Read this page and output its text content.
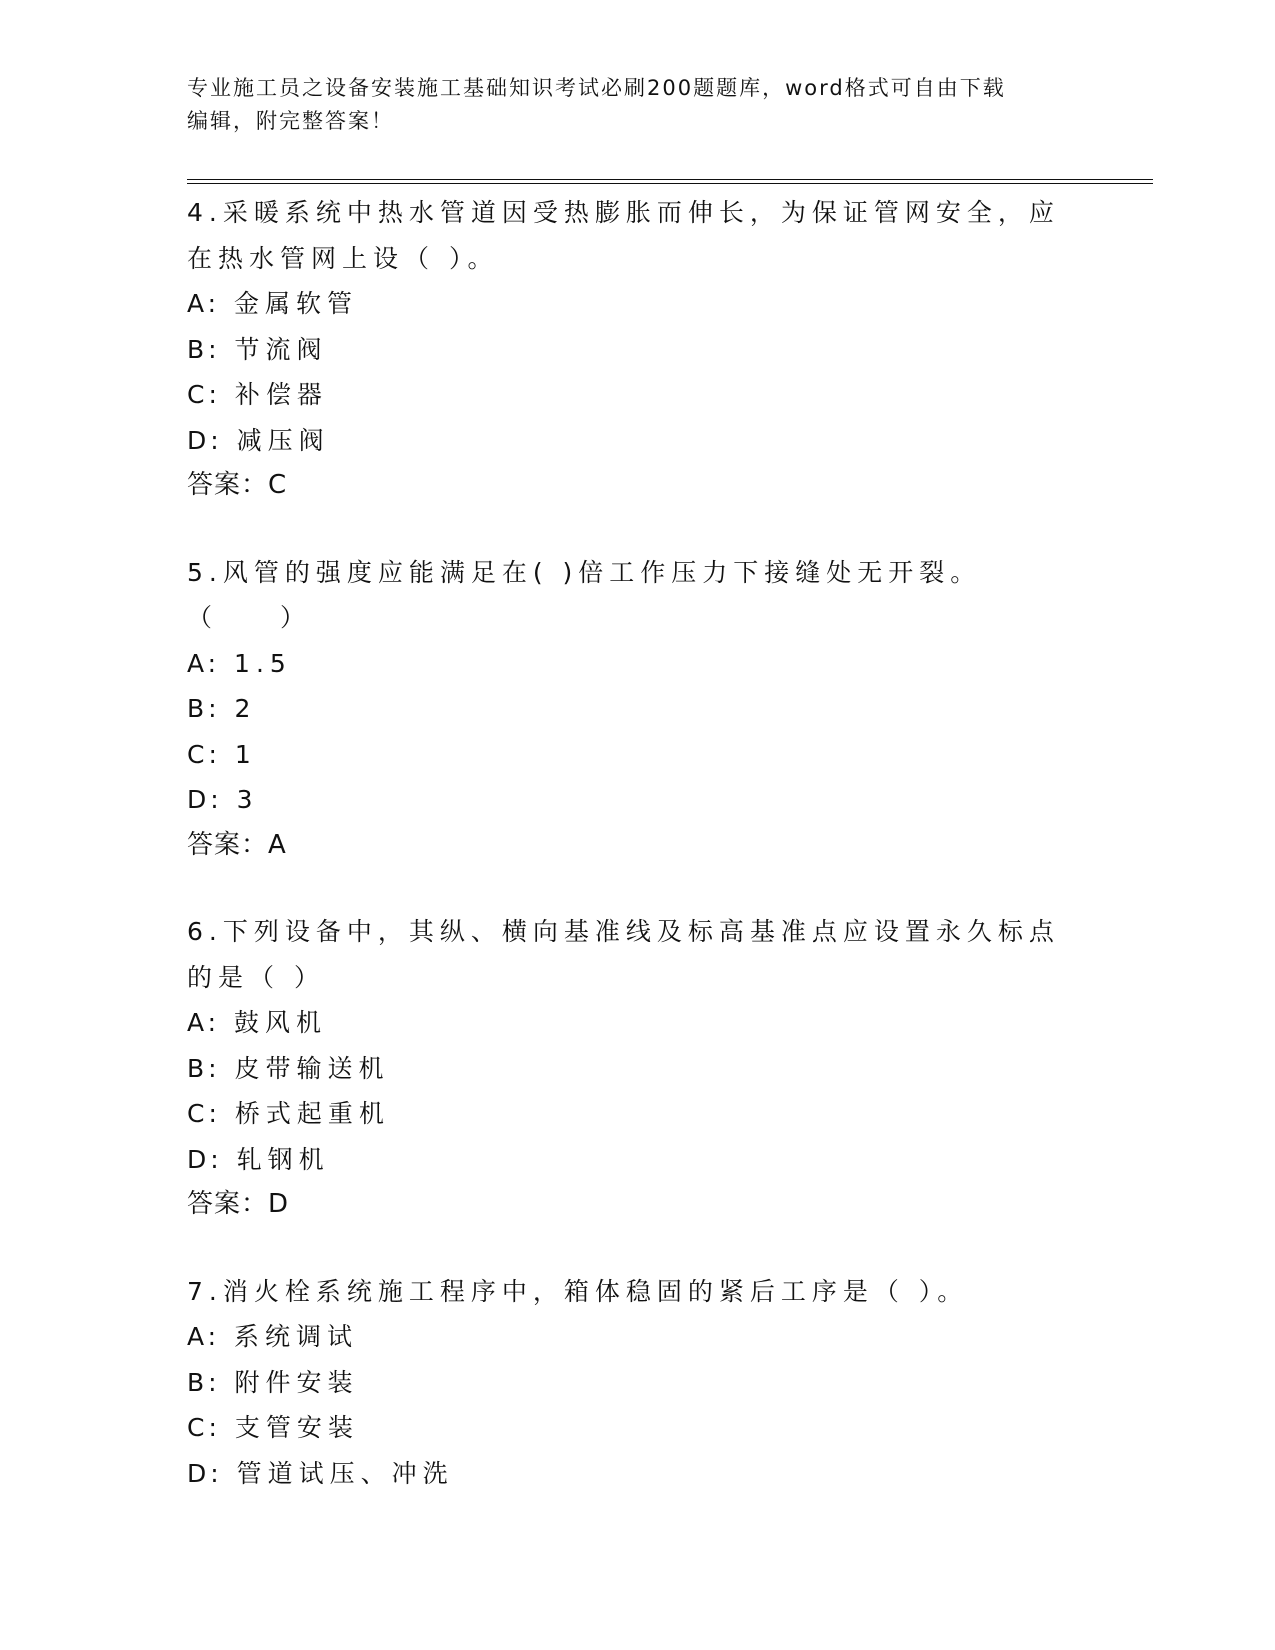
专业施工员之设备安装施工基础知识考试必刷200题题库，word格式可自由下载
编辑，附完整答案！
4.采暖系统中热水管道因受热膨胀而伸长，为保证管网安全，应在热水管网上设（ ）。
A: 金属软管
B: 节流阀
C: 补偿器
D: 减压阀
答案：C
5.风管的强度应能满足在( )倍工作压力下接缝处无开裂。（　　）
A: 1.5
B: 2
C: 1
D: 3
答案：A
6.下列设备中，其纵、横向基准线及标高基准点应设置永久标点的是（ ）
A: 鼓风机
B: 皮带输送机
C: 桥式起重机
D: 轧钢机
答案：D
7.消火栓系统施工程序中，箱体稳固的紧后工序是（ ）。
A: 系统调试
B: 附件安装
C: 支管安装
D: 管道试压、冲洗
